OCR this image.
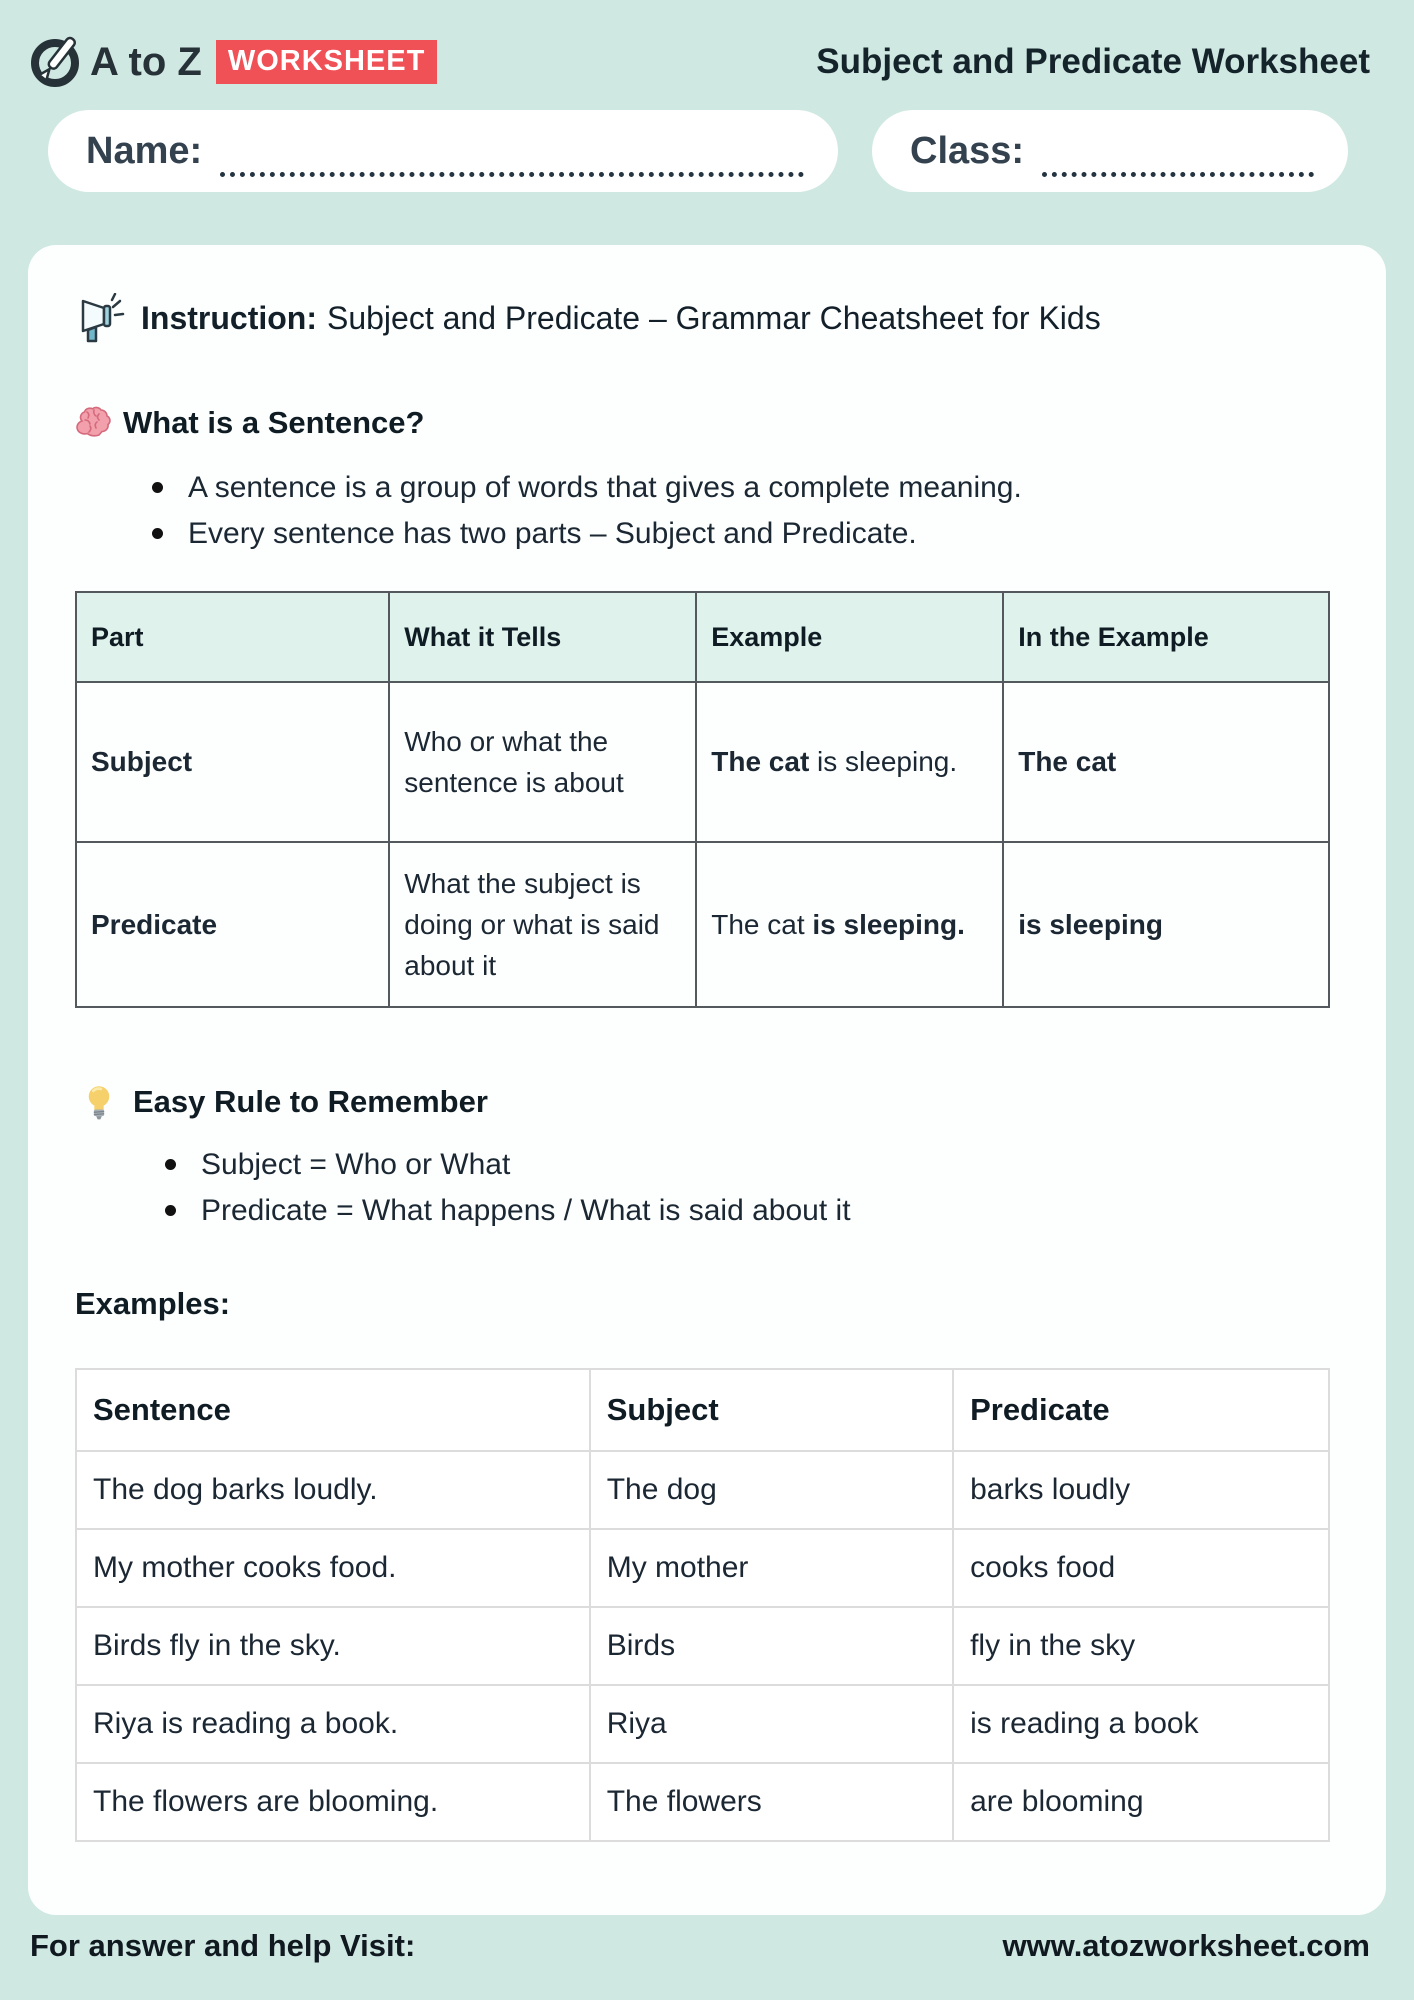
A to Z WORKSHEET	Subject and Predicate Worksheet
Name:	Class:
Instruction: Subject and Predicate – Grammar Cheatsheet for Kids
What is a Sentence?
A sentence is a group of words that gives a complete meaning.
Every sentence has two parts – Subject and Predicate.
Part	What it Tells	Example	In the Example
Subject	Who or what the sentence is about	The cat is sleeping.	The cat
Predicate	What the subject is doing or what is said about it	The cat is sleeping.	is sleeping
Easy Rule to Remember
Subject = Who or What
Predicate = What happens / What is said about it
Examples:
Sentence	Subject	Predicate
The dog barks loudly.	The dog	barks loudly
My mother cooks food.	My mother	cooks food
Birds fly in the sky.	Birds	fly in the sky
Riya is reading a book.	Riya	is reading a book
The flowers are blooming.	The flowers	are blooming
For answer and help Visit:	www.atozworksheet.com
